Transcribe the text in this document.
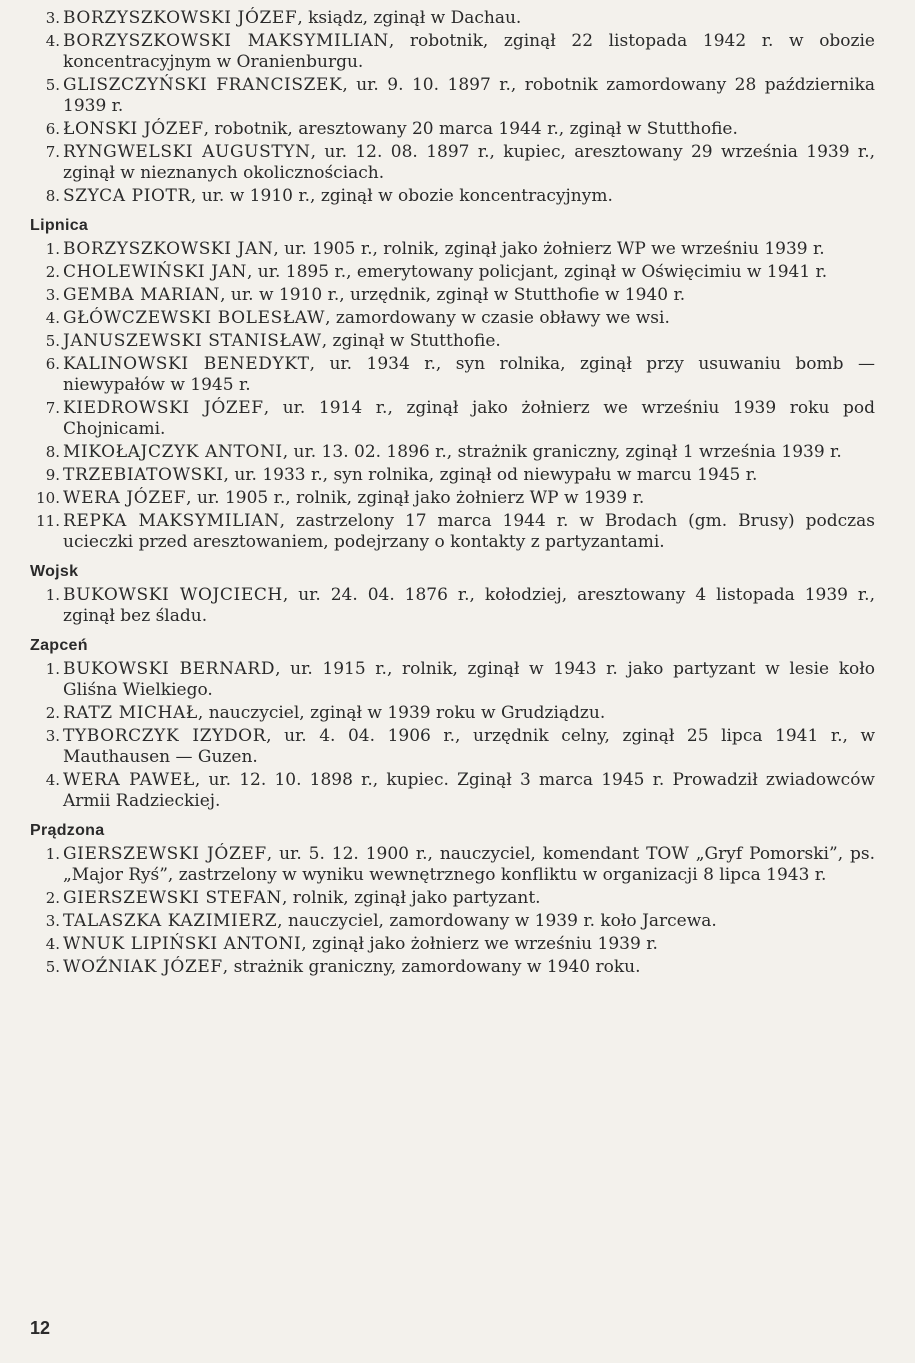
3. BORZYSZKOWSKI JÓZEF, ksiądz, zginął w Dachau.
4. BORZYSZKOWSKI MAKSYMILIAN, robotnik, zginął 22 listopada 1942 r. w obozie koncentracyjnym w Oranienburgu.
5. GLISZCZYŃSKI FRANCISZEK, ur. 9. 10. 1897 r., robotnik zamordowany 28 października 1939 r.
6. ŁONSKI JÓZEF, robotnik, aresztowany 20 marca 1944 r., zginął w Stutthofie.
7. RYNGWELSKI AUGUSTYN, ur. 12. 08. 1897 r., kupiec, aresztowany 29 września 1939 r., zginął w nieznanych okolicznościach.
8. SZYCA PIOTR, ur. w 1910 r., zginął w obozie koncentracyjnym.
Lipnica
1. BORZYSZKOWSKI JAN, ur. 1905 r., rolnik, zginął jako żołnierz WP we wrześniu 1939 r.
2. CHOLEWIŃSKI JAN, ur. 1895 r., emerytowany policjant, zginął w Oświęcimiu w 1941 r.
3. GEMBA MARIAN, ur. w 1910 r., urzędnik, zginął w Stutthofie w 1940 r.
4. GŁÓWCZEWSKI BOLESŁAW, zamordowany w czasie obławy we wsi.
5. JANUSZEWSKI STANISŁAW, zginął w Stutthofie.
6. KALINOWSKI BENEDYKT, ur. 1934 r., syn rolnika, zginął przy usuwaniu bomb — niewypałów w 1945 r.
7. KIEDROWSKI JÓZEF, ur. 1914 r., zginął jako żołnierz we wrześniu 1939 roku pod Chojnicami.
8. MIKOŁAJCZYK ANTONI, ur. 13. 02. 1896 r., strażnik graniczny, zginął 1 września 1939 r.
9. TRZEBIATOWSKI, ur. 1933 r., syn rolnika, zginął od niewypału w marcu 1945 r.
10. WERA JÓZEF, ur. 1905 r., rolnik, zginął jako żołnierz WP w 1939 r.
11. REPKA MAKSYMILIAN, zastrzelony 17 marca 1944 r. w Brodach (gm. Brusy) podczas ucieczki przed aresztowaniem, podejrzany o kontakty z partyzantami.
Wojsk
1. BUKOWSKI WOJCIECH, ur. 24. 04. 1876 r., kołodziej, aresztowany 4 listopada 1939 r., zginął bez śladu.
Zapceń
1. BUKOWSKI BERNARD, ur. 1915 r., rolnik, zginął w 1943 r. jako partyzant w lesie koło Gliśna Wielkiego.
2. RATZ MICHAŁ, nauczyciel, zginął w 1939 roku w Grudziądzu.
3. TYBORCZYK IZYDOR, ur. 4. 04. 1906 r., urzędnik celny, zginął 25 lipca 1941 r., w Mauthausen — Guzen.
4. WERA PAWEŁ, ur. 12. 10. 1898 r., kupiec. Zginął 3 marca 1945 r. Prowadził zwiadowców Armii Radzieckiej.
Prądzona
1. GIERSZEWSKI JÓZEF, ur. 5. 12. 1900 r., nauczyciel, komendant TOW „Gryf Pomorski”, ps. „Major Ryś”, zastrzelony w wyniku wewnętrznego konfliktu w organizacji 8 lipca 1943 r.
2. GIERSZEWSKI STEFAN, rolnik, zginął jako partyzant.
3. TALASZKA KAZIMIERZ, nauczyciel, zamordowany w 1939 r. koło Jarcewa.
4. WNUK LIPIŃSKI ANTONI, zginął jako żołnierz we wrześniu 1939 r.
5. WOŹNIAK JÓZEF, strażnik graniczny, zamordowany w 1940 roku.
12
